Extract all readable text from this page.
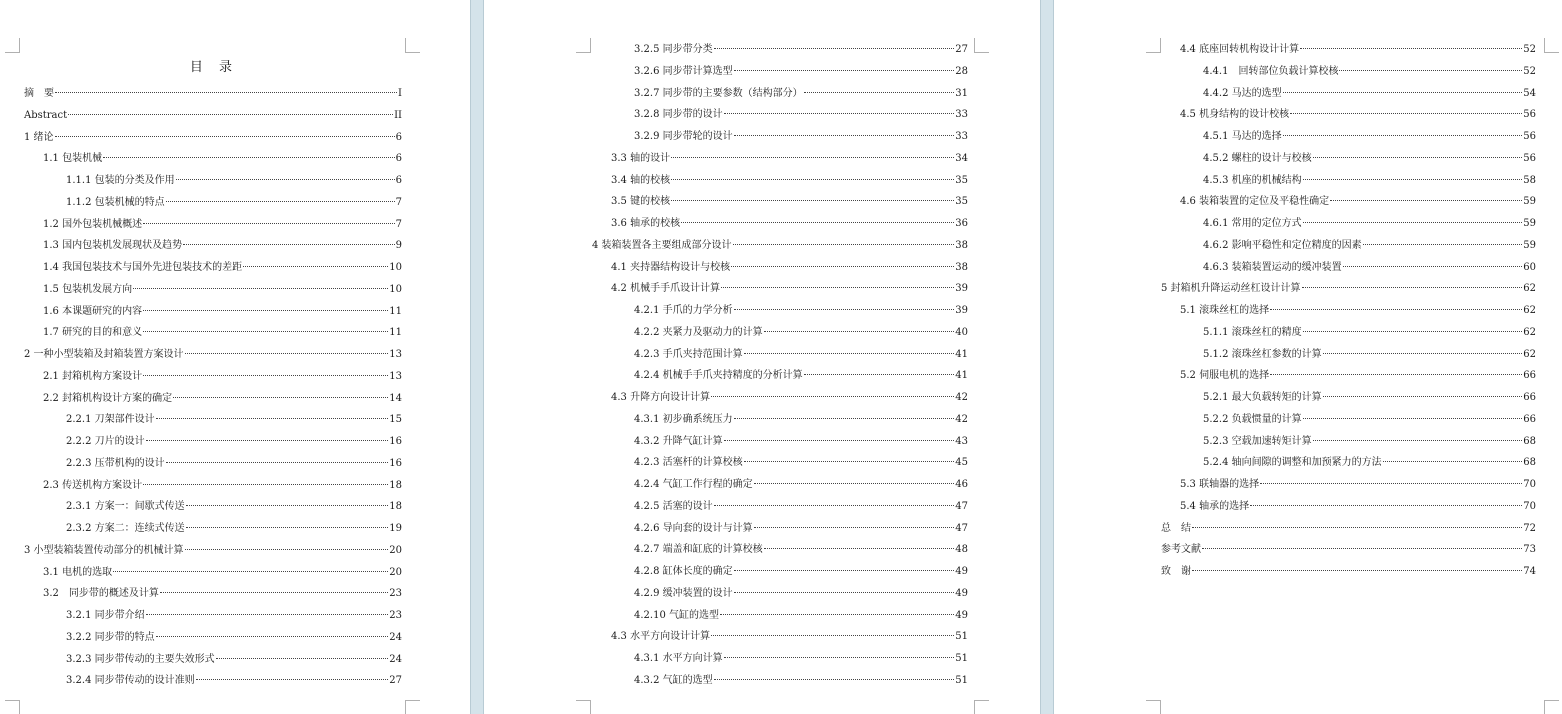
目 录
摘　要	I
Abstract	II
1 绪论	6
1.1 包装机械	6
1.1.1 包装的分类及作用	6
1.1.2 包装机械的特点	7
1.2 国外包装机械概述	7
1.3 国内包装机发展现状及趋势	9
1.4 我国包装技术与国外先进包装技术的差距	10
1.5 包装机发展方向	10
1.6 本课题研究的内容	11
1.7 研究的目的和意义	11
2 一种小型装箱及封箱装置方案设计	13
2.1 封箱机构方案设计	13
2.2 封箱机构设计方案的确定	14
2.2.1 刀架部件设计	15
2.2.2 刀片的设计	16
2.2.3 压带机构的设计	16
2.3 传送机构方案设计	18
2.3.1 方案一：间歇式传送	18
2.3.2 方案二：连续式传送	19
3 小型装箱装置传动部分的机械计算	20
3.1 电机的选取	20
3.2　同步带的概述及计算	23
3.2.1 同步带介绍	23
3.2.2 同步带的特点	24
3.2.3 同步带传动的主要失效形式	24
3.2.4 同步带传动的设计准则	27
3.2.5 同步带分类	27
3.2.6 同步带计算选型	28
3.2.7 同步带的主要参数（结构部分）	31
3.2.8 同步带的设计	33
3.2.9 同步带轮的设计	33
3.3 轴的设计	34
3.4 轴的校核	35
3.5 键的校核	35
3.6 轴承的校核	36
4 装箱装置各主要组成部分设计	38
4.1 夹持器结构设计与校核	38
4.2 机械手手爪设计计算	39
4.2.1 手爪的力学分析	39
4.2.2 夹紧力及驱动力的计算	40
4.2.3 手爪夹持范围计算	41
4.2.4 机械手手爪夹持精度的分析计算	41
4.3 升降方向设计计算	42
4.3.1 初步确系统压力	42
4.3.2 升降气缸计算	43
4.2.3 活塞杆的计算校核	45
4.2.4 气缸工作行程的确定	46
4.2.5 活塞的设计	47
4.2.6 导向套的设计与计算	47
4.2.7 端盖和缸底的计算校核	48
4.2.8 缸体长度的确定	49
4.2.9 缓冲装置的设计	49
4.2.10 气缸的选型	49
4.3 水平方向设计计算	51
4.3.1 水平方向计算	51
4.3.2 气缸的选型	51
4.4 底座回转机构设计计算	52
4.4.1　回转部位负载计算校核	52
4.4.2 马达的选型	54
4.5 机身结构的设计校核	56
4.5.1 马达的选择	56
4.5.2 螺柱的设计与校核	56
4.5.3 机座的机械结构	58
4.6 装箱装置的定位及平稳性确定	59
4.6.1 常用的定位方式	59
4.6.2 影响平稳性和定位精度的因素	59
4.6.3 装箱装置运动的缓冲装置	60
5 封箱机升降运动丝杠设计计算	62
5.1 滚珠丝杠的选择	62
5.1.1 滚珠丝杠的精度	62
5.1.2 滚珠丝杠参数的计算	62
5.2 伺服电机的选择	66
5.2.1 最大负载转矩的计算	66
5.2.2 负载惯量的计算	66
5.2.3 空载加速转矩计算	68
5.2.4 轴向间隙的调整和加预紧力的方法	68
5.3 联轴器的选择	70
5.4 轴承的选择	70
总　结	72
参考文献	73
致　谢	74
